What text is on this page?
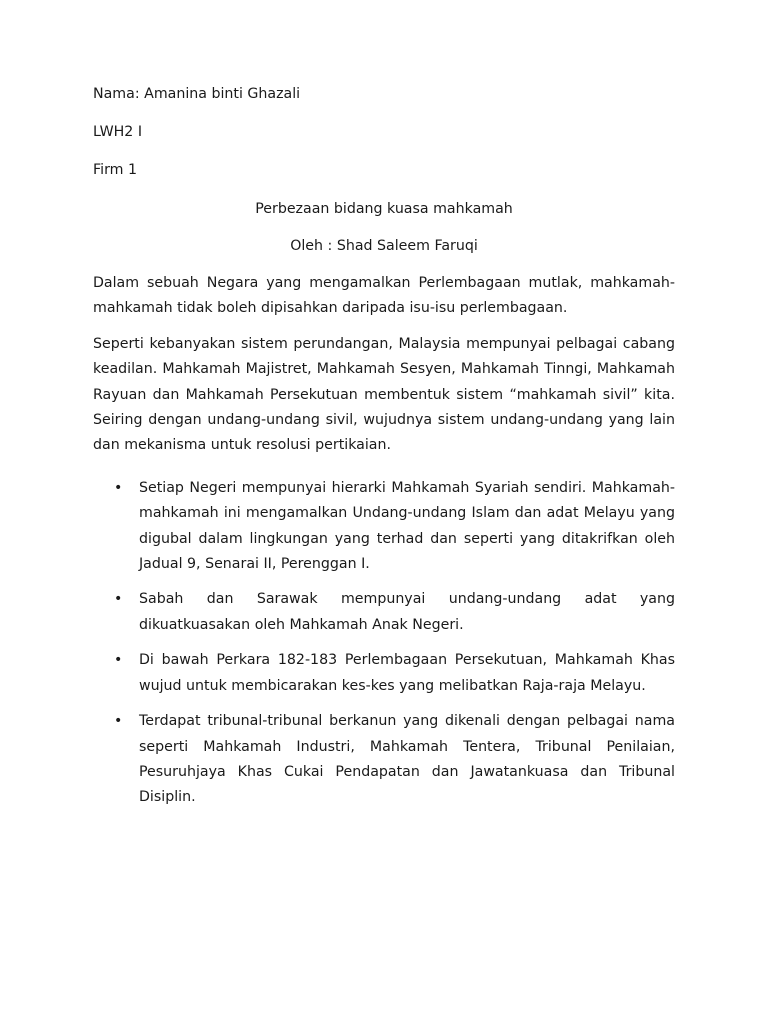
Nama: Amanina binti Ghazali
LWH2 I
Firm 1
Perbezaan bidang kuasa mahkamah
Oleh : Shad Saleem Faruqi

Dalam sebuah Negara yang mengamalkan Perlembagaan mutlak, mahkamah-mahkamah tidak boleh dipisahkan daripada isu-isu perlembagaan.

Seperti kebanyakan sistem perundangan, Malaysia mempunyai pelbagai cabang keadilan. Mahkamah Majistret, Mahkamah Sesyen, Mahkamah Tinngi, Mahkamah Rayuan dan Mahkamah Persekutuan membentuk sistem “mahkamah sivil” kita. Seiring dengan undang-undang sivil, wujudnya sistem undang-undang yang lain dan mekanisma untuk resolusi pertikaian.

• Setiap Negeri mempunyai hierarki Mahkamah Syariah sendiri. Mahkamah-mahkamah ini mengamalkan Undang-undang Islam dan adat Melayu yang digubal dalam lingkungan yang terhad dan seperti yang ditakrifkan oleh Jadual 9, Senarai II, Perenggan I.
• Sabah dan Sarawak mempunyai undang-undang adat yang dikuatkuasakan oleh Mahkamah Anak Negeri.
• Di bawah Perkara 182-183 Perlembagaan Persekutuan, Mahkamah Khas wujud untuk membicarakan kes-kes yang melibatkan Raja-raja Melayu.
• Terdapat tribunal-tribunal berkanun yang dikenali dengan pelbagai nama seperti Mahkamah Industri, Mahkamah Tentera, Tribunal Penilaian, Pesuruhjaya Khas Cukai Pendapatan dan Jawatankuasa dan Tribunal Disiplin.
